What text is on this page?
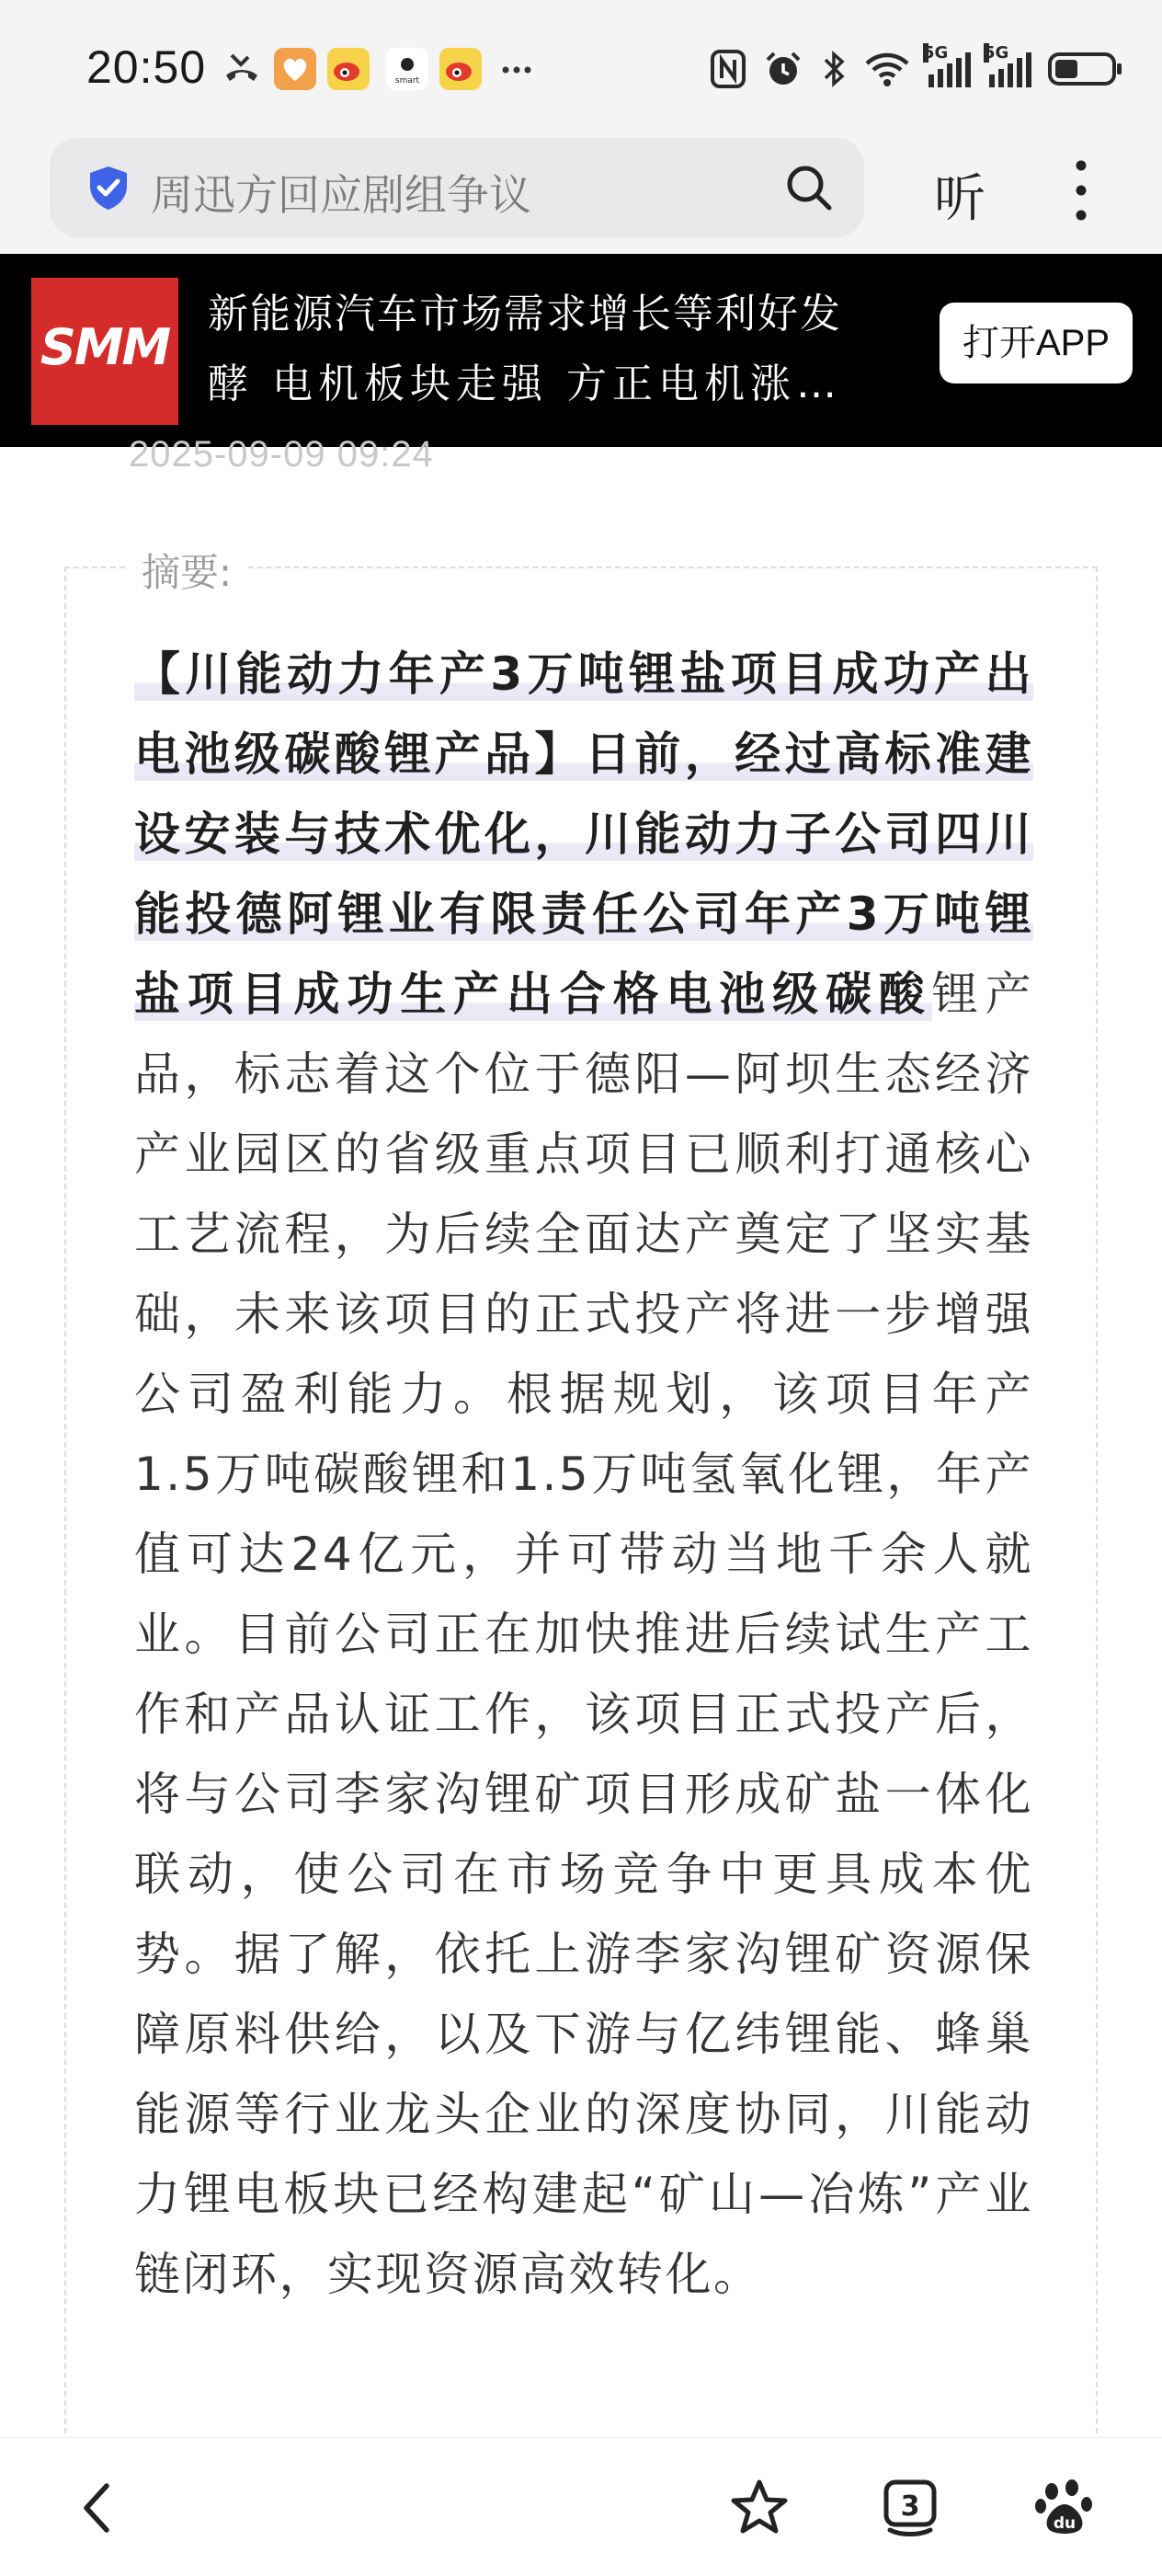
20:50	smart
5G 5G
周迅方回应剧组争议	听
SMM
新能源汽车市场需求增长等利好发
酵 电机板块走强 方正电机涨…
打开APP
2025-09-09 09:24
摘要:
【川能动力年产3万吨锂盐项目成功产出电池级碳酸锂产品】日前，经过高标准建设安装与技术优化，川能动力子公司四川能投德阿锂业有限责任公司年产3万吨锂盐项目成功生产出合格电池级碳酸锂产品，标志着这个位于德阳—阿坝生态经济产业园区的省级重点项目已顺利打通核心工艺流程，为后续全面达产奠定了坚实基础，未来该项目的正式投产将进一步增强公司盈利能力。根据规划，该项目年产1.5万吨碳酸锂和1.5万吨氢氧化锂，年产值可达24亿元，并可带动当地千余人就业。目前公司正在加快推进后续试生产工作和产品认证工作，该项目正式投产后，将与公司李家沟锂矿项目形成矿盐一体化联动，使公司在市场竞争中更具成本优势。据了解，依托上游李家沟锂矿资源保障原料供给，以及下游与亿纬锂能、蜂巢能源等行业龙头企业的深度协同，川能动力锂电板块已经构建起“矿山—冶炼”产业链闭环，实现资源高效转化。
3
du
